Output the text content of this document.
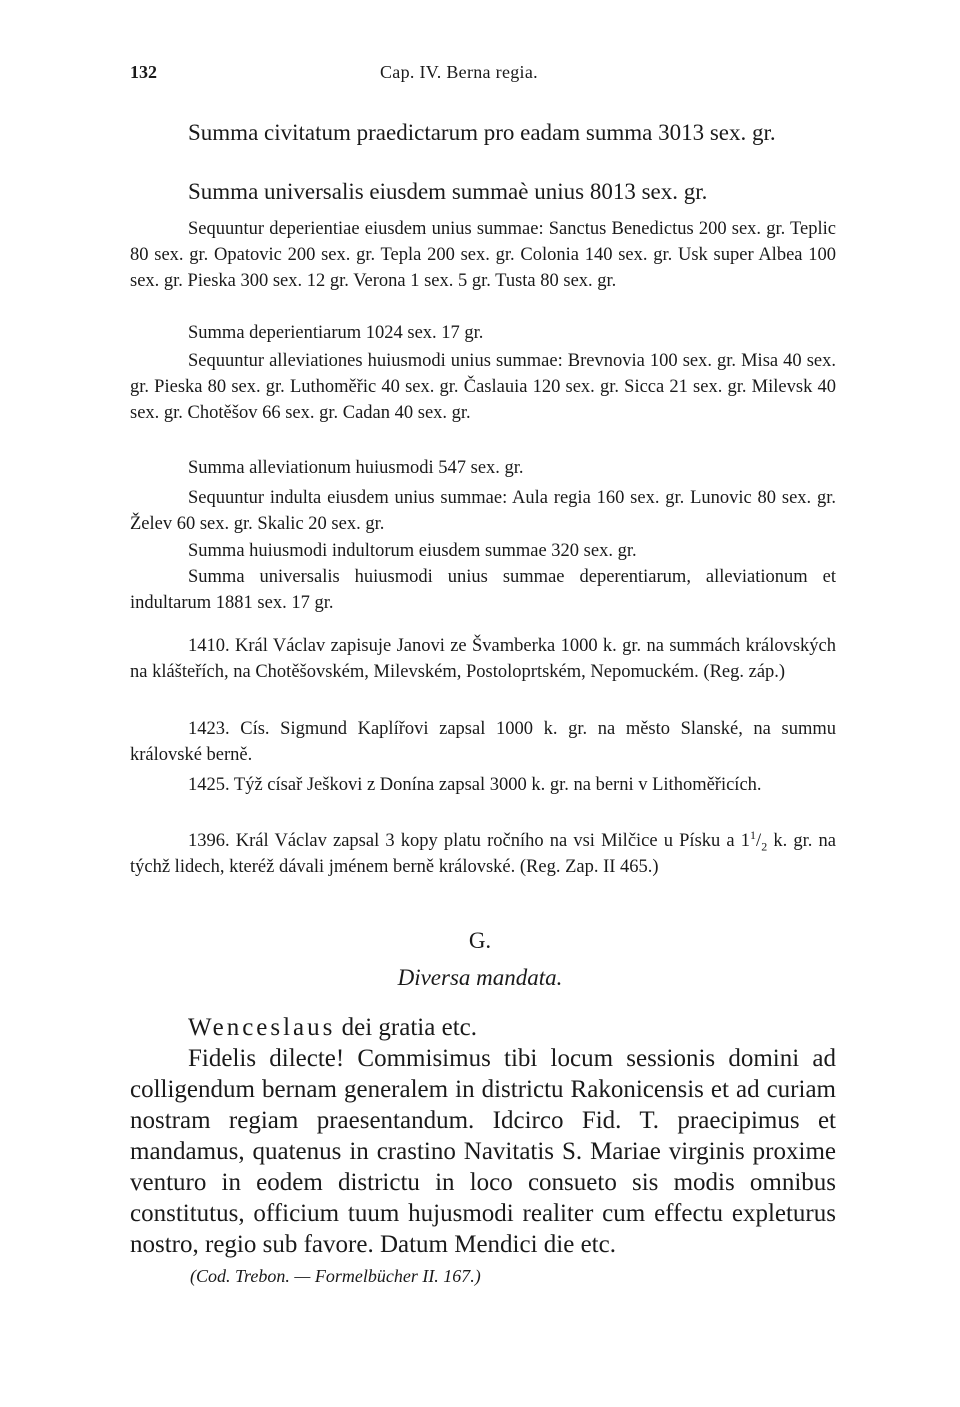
132	Cap. IV. Berna regia.

Summa civitatum praedictarum pro eadam summa 3013 sex. gr.

Summa universalis eiusdem summaè unius 8013 sex. gr.

Sequuntur deperientiae eiusdem unius summae: Sanctus Benedictus 200 sex. gr. Teplic 80 sex. gr. Opatovic 200 sex. gr. Tepla 200 sex. gr. Colonia 140 sex. gr. Usk super Albea 100 sex. gr. Pieska 300 sex. 12 gr. Verona 1 sex. 5 gr. Tusta 80 sex. gr.

Summa deperientiarum 1024 sex. 17 gr.

Sequuntur alleviationes huiusmodi unius summae: Brevnovia 100 sex. gr. Misa 40 sex. gr. Pieska 80 sex. gr. Luthoměřic 40 sex. gr. Časlauia 120 sex. gr. Sicca 21 sex. gr. Milevsk 40 sex. gr. Chotěšov 66 sex. gr. Cadan 40 sex. gr.

Summa alleviationum huiusmodi 547 sex. gr.

Sequuntur indulta eiusdem unius summae: Aula regia 160 sex. gr. Lunovic 80 sex. gr. Želev 60 sex. gr. Skalic 20 sex. gr.

Summa huiusmodi indultorum eiusdem summae 320 sex. gr.

Summa universalis huiusmodi unius summae deperentiarum, alleviationum et indultarum 1881 sex. 17 gr.

1410. Král Václav zapisuje Janovi ze Švamberka 1000 k. gr. na summách královských na klášteřích, na Chotěšovském, Milevském, Postoloprtském, Nepomuckém. (Reg. záp.)

1423. Cís. Sigmund Kaplířovi zapsal 1000 k. gr. na město Slanské, na summu královské berně.

1425. Týž císař Ješkovi z Donína zapsal 3000 k. gr. na berni v Lithoměřicích.

1396. Král Václav zapsal 3 kopy platu ročního na vsi Milčice u Písku a $1^1/_2$ k. gr. na týchž lidech, kteréž dávali jménem berně královské. (Reg. Zap. II 465.)

G.
Diversa mandata.

Wenceslaus dei gratia etc.

Fidelis dilecte! Commisimus tibi locum sessionis domini ad colligendum bernam generalem in districtu Rakonicensis et ad curiam nostram regiam praesentandum. Idcirco Fid. T. praecipimus et mandamus, quatenus in crastino Navitatis S. Mariae virginis proxime venturo in eodem districtu in loco consueto sis modis omnibus constitutus, officium tuum hujusmodi realiter cum effectu expleturus nostro, regio sub favore. Datum Mendici die etc.

(Cod. Trebon. — Formelbücher II. 167.)
